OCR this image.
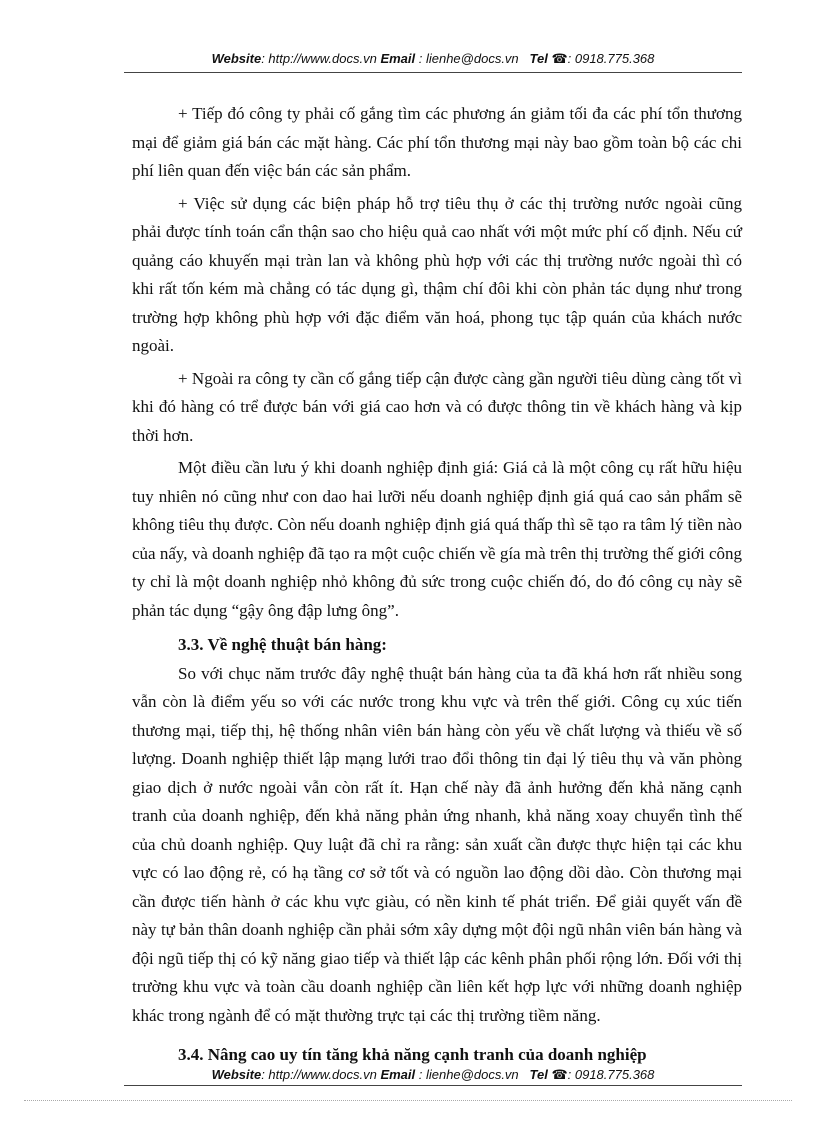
Website: http://www.docs.vn Email : lienhe@docs.vn Tel ☎: 0918.775.368

+ Tiếp đó công ty phải cố gắng tìm các phương án giảm tối đa các phí tổn thương mại để giảm giá bán các mặt hàng. Các phí tổn thương mại này bao gồm toàn bộ các chi phí liên quan đến việc bán các sản phẩm.

+ Việc sử dụng các biện pháp hỗ trợ tiêu thụ ở các thị trường nước ngoài cũng phải được tính toán cẩn thận sao cho hiệu quả cao nhất với một mức phí cố định. Nếu cứ quảng cáo khuyến mại tràn lan và không phù hợp với các thị trường nước ngoài thì có khi rất tốn kém mà chẳng có tác dụng gì, thậm chí đôi khi còn phản tác dụng như trong trường hợp không phù hợp với đặc điểm văn hoá, phong tục tập quán của khách nước ngoài.

+ Ngoài ra công ty cần cố gắng tiếp cận được càng gần người tiêu dùng càng tốt vì khi đó hàng có trể được bán với giá cao hơn và có được thông tin về khách hàng và kịp thời hơn.

Một điều cần lưu ý khi doanh nghiệp định giá: Giá cả là một công cụ rất hữu hiệu tuy nhiên nó cũng như con dao hai lưỡi nếu doanh nghiệp định giá quá cao sản phẩm sẽ không tiêu thụ được. Còn nếu doanh nghiệp định giá quá thấp thì sẽ tạo ra tâm lý tiền nào của nấy, và doanh nghiệp đã tạo ra một cuộc chiến về gía mà trên thị trường thế giới công ty chỉ là một doanh nghiệp nhỏ không đủ sức trong cuộc chiến đó, do đó công cụ này sẽ phản tác dụng “gậy ông đập lưng ông”.

3.3. Về nghệ thuật bán hàng:

So với chục năm trước đây nghệ thuật bán hàng của ta đã khá hơn rất nhiều song vẫn còn là điểm yếu so với các nước trong khu vực và trên thế giới. Công cụ xúc tiến thương mại, tiếp thị, hệ thống nhân viên bán hàng còn yếu về chất lượng và thiếu về số lượng. Doanh nghiệp thiết lập mạng lưới trao đổi thông tin đại lý tiêu thụ và văn phòng giao dịch ở nước ngoài vẫn còn rất ít. Hạn chế này đã ảnh hưởng đến khả năng cạnh tranh của doanh nghiệp, đến khả năng phản ứng nhanh, khả năng xoay chuyển tình thế của chủ doanh nghiệp. Quy luật đã chỉ ra rằng: sản xuất cần được thực hiện tại các khu vực có lao động rẻ, có hạ tầng cơ sở tốt và có nguồn lao động dồi dào. Còn thương mại cần được tiến hành ở các khu vực giàu, có nền kinh tế phát triển. Để giải quyết vấn đề này tự bản thân doanh nghiệp cần phải sớm xây dựng một đội ngũ nhân viên bán hàng và đội ngũ tiếp thị có kỹ năng giao tiếp và thiết lập các kênh phân phối rộng lớn. Đối với thị trường khu vực và toàn cầu doanh nghiệp cần liên kết hợp lực với những doanh nghiệp khác trong ngành để có mặt thường trực tại các thị trường tiềm năng.

3.4. Nâng cao uy tín tăng khả năng cạnh tranh của doanh nghiệp
Website: http://www.docs.vn Email : lienhe@docs.vn Tel ☎: 0918.775.368
